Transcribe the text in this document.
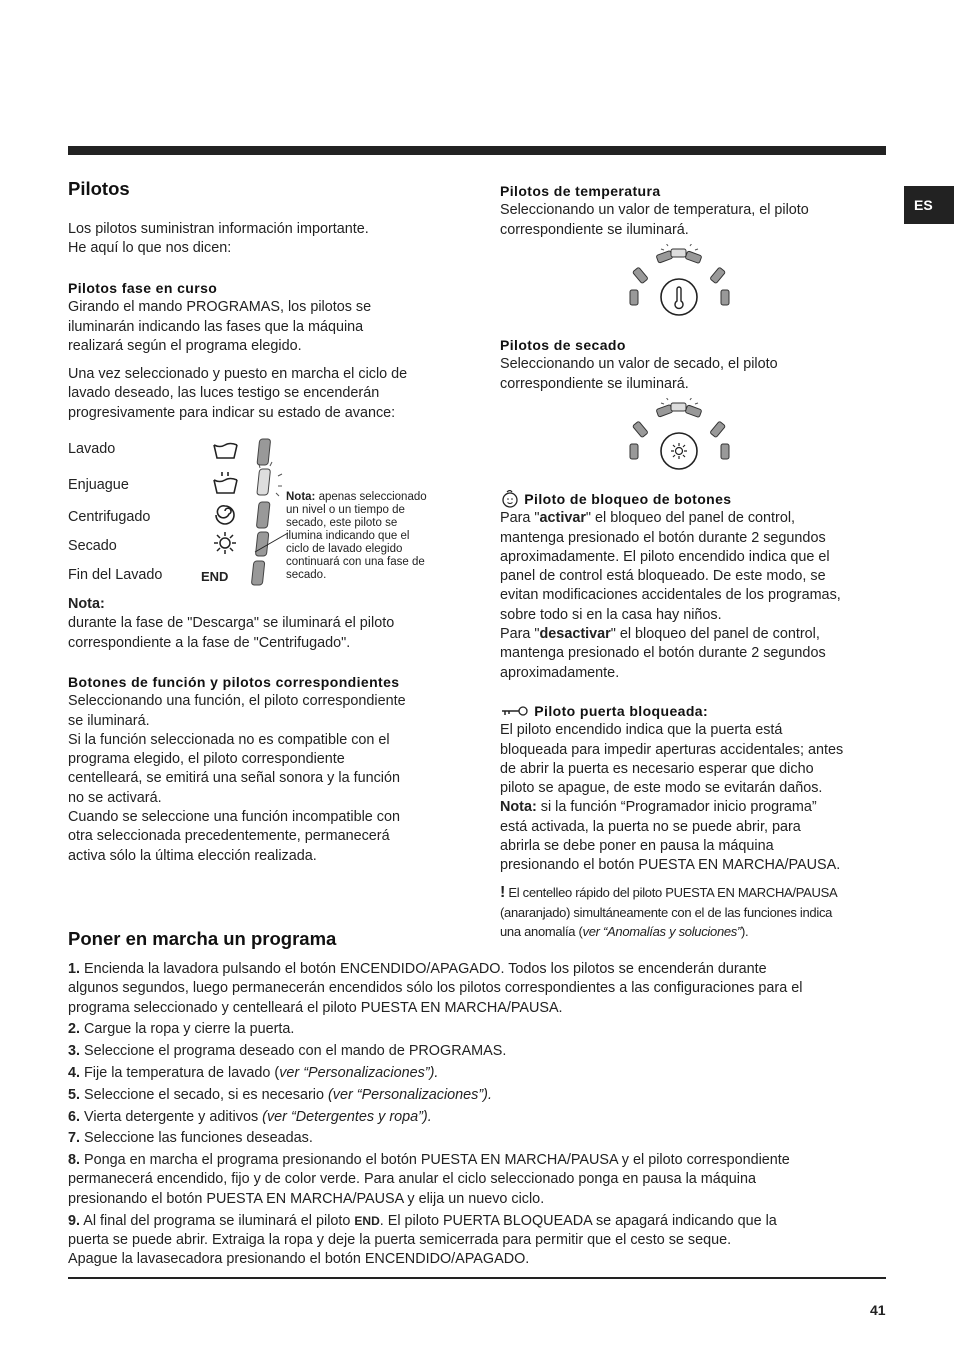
ES
41
Pilotos

Los pilotos suministran información importante.

He aquí lo que nos dicen:

Pilotos fase en curso

Girando el mando PROGRAMAS, los pilotos se

iluminarán indicando las fases que la máquina

realizará según el programa elegido.

Una vez seleccionado y puesto en marcha el ciclo de

lavado deseado, las luces testigo se encenderán

progresivamente para indicar su estado de avance:

Lavado
Enjuague
Centrifugado
Secado
Fin del Lavado	END
Nota: apenas seleccionado
un nivel o un tiempo de
secado, este piloto se
ilumina indicando que el
ciclo de lavado elegido
continuará con una fase de
secado.

Nota:

durante la fase de "Descarga" se iluminará el piloto

correspondiente a la fase de "Centrifugado".

Botones de función y pilotos correspondientes

Seleccionando una función, el piloto correspondiente

se iluminará.

Si la función seleccionada no es compatible con el

programa elegido, el piloto correspondiente

centelleará, se emitirá una señal sonora y la función

no se activará.

Cuando se seleccione una función incompatible con

otra seleccionada precedentemente, permanecerá

activa sólo la última elección realizada.

Poner en marcha un programa
Pilotos de temperatura

Seleccionando un valor de temperatura, el piloto

correspondiente se iluminará.

Pilotos de secado

Seleccionando un valor de secado, el piloto

correspondiente se iluminará.

Piloto de bloqueo de botones

Para "activar" el bloqueo del panel de control,

mantenga presionado el botón durante 2 segundos

aproximadamente. El piloto encendido indica que el

panel de control está bloqueado. De este modo, se

evitan modificaciones accidentales de los programas,

sobre todo si en la casa hay niños.

Para "desactivar" el bloqueo del panel de control,

mantenga presionado el botón durante 2 segundos

aproximadamente.

Piloto puerta bloqueada:

El piloto encendido indica que la puerta está

bloqueada para impedir aperturas accidentales; antes

de abrir la puerta es necesario esperar que dicho

piloto se apague, de este modo se evitarán daños.

Nota: si la función “Programador inicio programa”

está activada, la puerta no se puede abrir, para

abrirla se debe poner en pausa la máquina

presionando el botón PUESTA EN MARCHA/PAUSA.

! El centelleo rápido del piloto PUESTA EN MARCHA/PAUSA
(anaranjado) simultáneamente con el de las funciones indica
una anomalía (ver “Anomalías y soluciones”).
1. Encienda la lavadora pulsando el botón ENCENDIDO/APAGADO. Todos los pilotos se encenderán durante
algunos segundos, luego permanecerán encendidos sólo los pilotos correspondientes a las configuraciones para el
programa seleccionado y centelleará el piloto PUESTA EN MARCHA/PAUSA.
2. Cargue la ropa y cierre la puerta.
3. Seleccione el programa deseado con el mando de PROGRAMAS.
4. Fije la temperatura de lavado (ver “Personalizaciones”).
5. Seleccione el secado, si es necesario (ver “Personalizaciones”).
6. Vierta detergente y aditivos (ver “Detergentes y ropa”).
7. Seleccione las funciones deseadas.
8. Ponga en marcha el programa presionando el botón PUESTA EN MARCHA/PAUSA y el piloto correspondiente
permanecerá encendido, fijo y de color verde. Para anular el ciclo seleccionado ponga en pausa la máquina
presionando el botón PUESTA EN MARCHA/PAUSA y elija un nuevo ciclo.
9. Al final del programa se iluminará el piloto END. El piloto PUERTA BLOQUEADA se apagará indicando que la
puerta se puede abrir. Extraiga la ropa y deje la puerta semicerrada para permitir que el cesto se seque.
Apague la lavasecadora presionando el botón ENCENDIDO/APAGADO.
